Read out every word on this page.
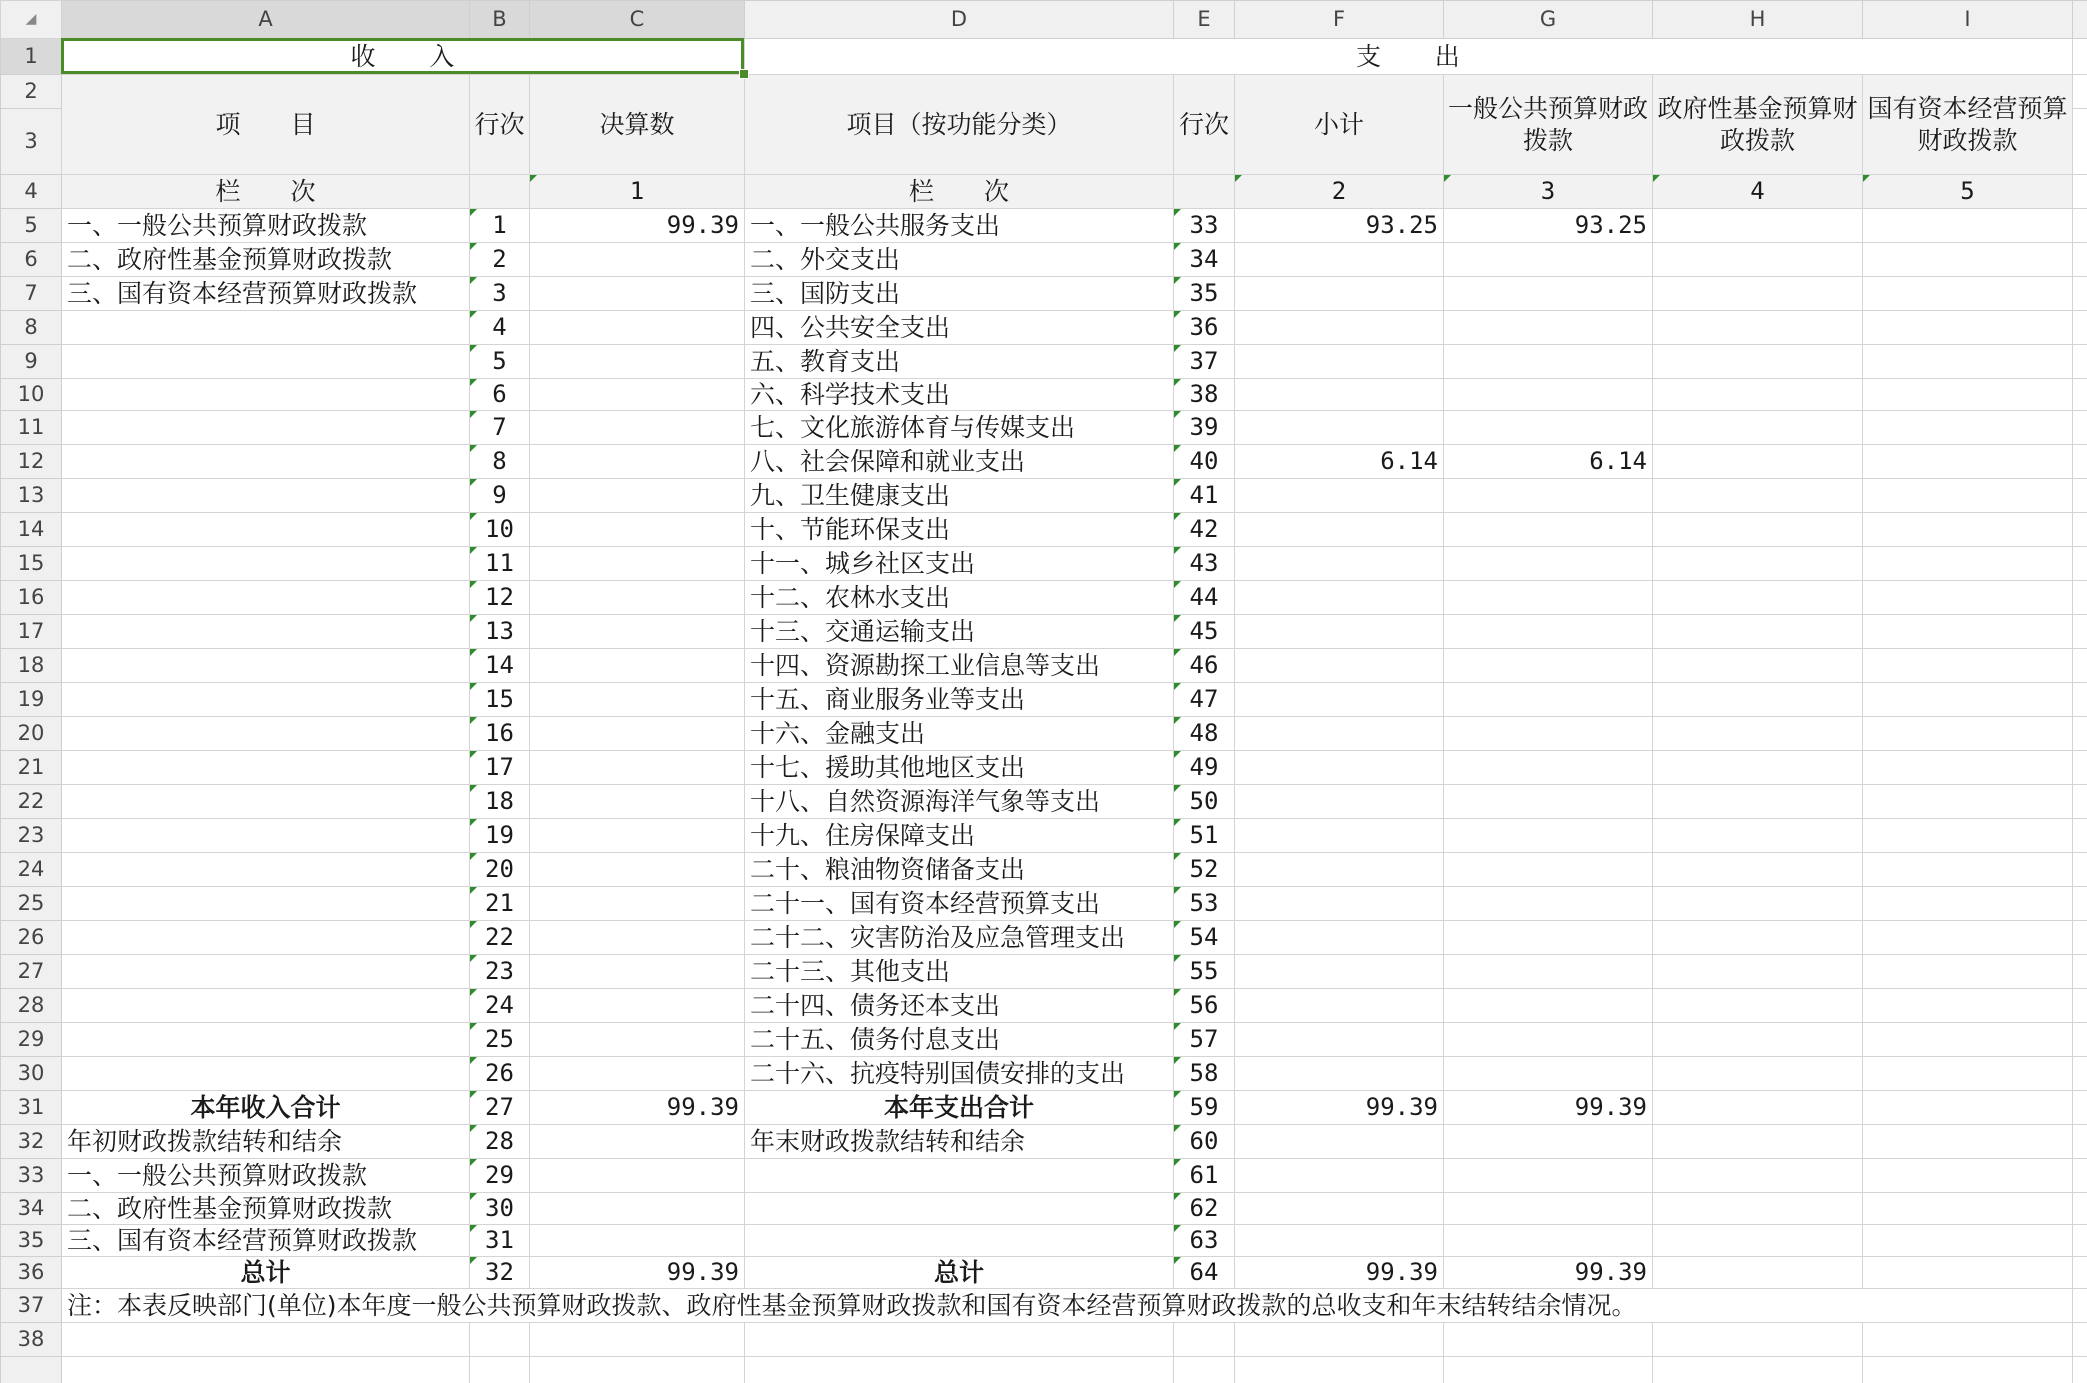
◢	A	B	C	D	E	F	G	H	I	
1	收　　入			支　　出						
2	项　　目	行次	决算数	项目（按功能分类）	行次	小计	一般公共预算财政拨款	政府性基金预算财政拨款	国有资本经营预算财政拨款	
3										
4	栏　　次		1	栏　　次		2	3	4	5	
5	一、一般公共预算财政拨款	1	99.39	一、一般公共服务支出	33	93.25	93.25			
6	二、政府性基金预算财政拨款	2		二、外交支出	34					
7	三、国有资本经营预算财政拨款	3		三、国防支出	35					
8		4		四、公共安全支出	36					
9		5		五、教育支出	37					
10		6		六、科学技术支出	38					
11		7		七、文化旅游体育与传媒支出	39					
12		8		八、社会保障和就业支出	40	6.14	6.14			
13		9		九、卫生健康支出	41					
14		10		十、节能环保支出	42					
15		11		十一、城乡社区支出	43					
16		12		十二、农林水支出	44					
17		13		十三、交通运输支出	45					
18		14		十四、资源勘探工业信息等支出	46					
19		15		十五、商业服务业等支出	47					
20		16		十六、金融支出	48					
21		17		十七、援助其他地区支出	49					
22		18		十八、自然资源海洋气象等支出	50					
23		19		十九、住房保障支出	51					
24		20		二十、粮油物资储备支出	52					
25		21		二十一、国有资本经营预算支出	53					
26		22		二十二、灾害防治及应急管理支出	54					
27		23		二十三、其他支出	55					
28		24		二十四、债务还本支出	56					
29		25		二十五、债务付息支出	57					
30		26		二十六、抗疫特别国债安排的支出	58					
31	本年收入合计	27	99.39	本年支出合计	59	99.39	99.39			
32	年初财政拨款结转和结余	28		年末财政拨款结转和结余	60					
33	一、一般公共预算财政拨款	29			61					
34	二、政府性基金预算财政拨款	30			62					
35	三、国有资本经营预算财政拨款	31			63					
36	总计	32	99.39	总计	64	99.39	99.39			
37	注：本表反映部门(单位)本年度一般公共预算财政拨款、政府性基金预算财政拨款和国有资本经营预算财政拨款的总收支和年末结转结余情况。									
38										
